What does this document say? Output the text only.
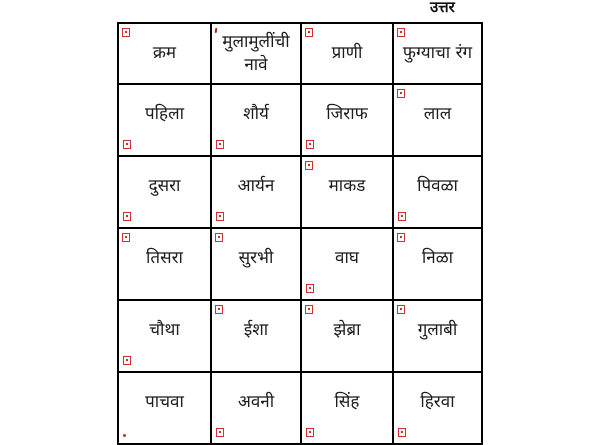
उत्तर
क्रम	मुलामुलींची नावे	प्राणी	फुग्याचा रंग

पहिला	शौर्य	जिराफ	लाल

दुसरा	आर्यन	माकड	पिवळा

तिसरा	सुरभी	वाघ	निळा

चौथा	ईशा	झेब्रा	गुलाबी

पाचवा	अवनी	सिंह	हिरवा
